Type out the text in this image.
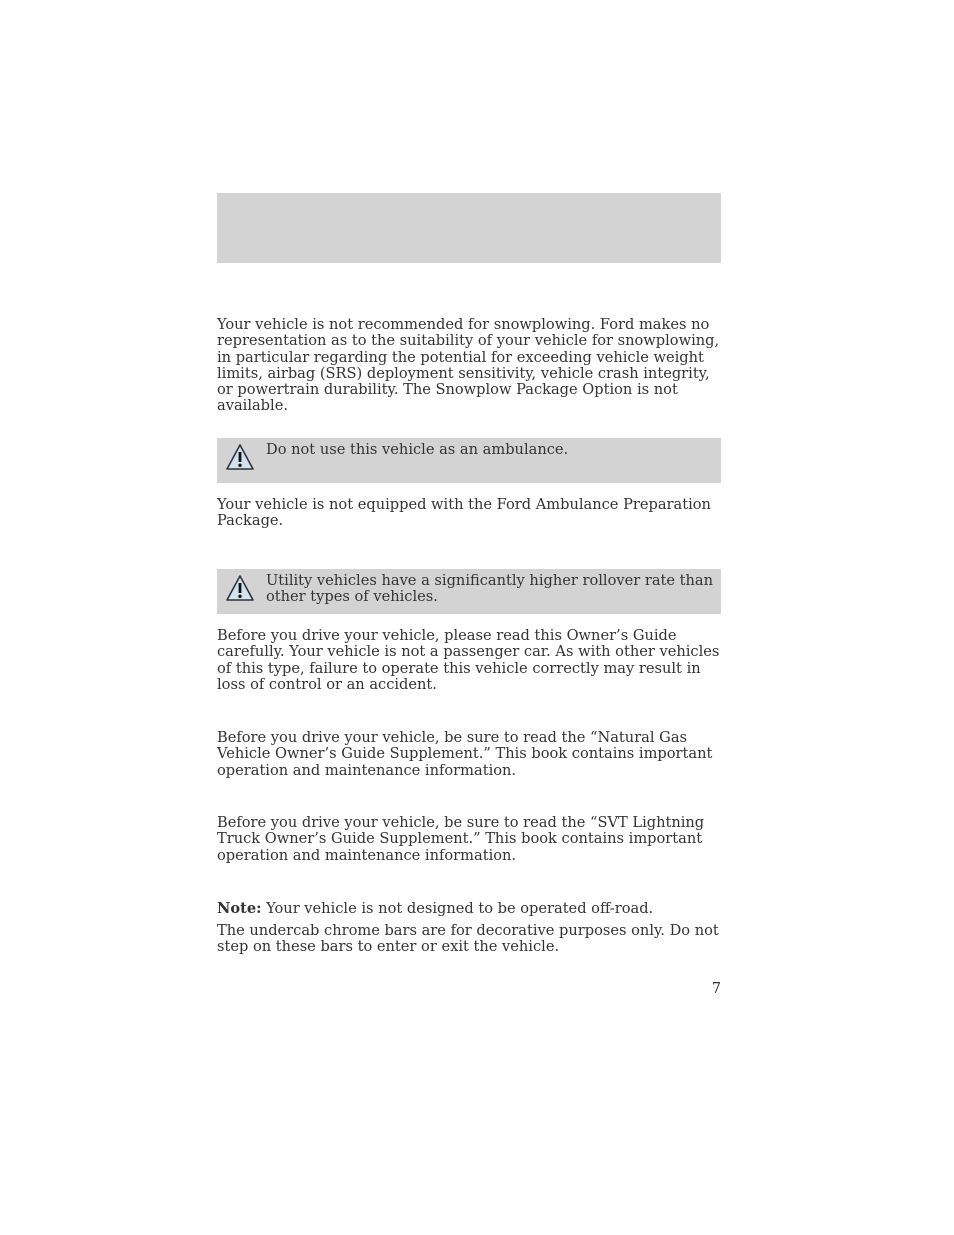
Your vehicle is not recommended for snowplowing. Ford makes no representation as to the suitability of your vehicle for snowplowing, in particular regarding the potential for exceeding vehicle weight limits, airbag (SRS) deployment sensitivity, vehicle crash integrity, or powertrain durability. The Snowplow Package Option is not available.

Do not use this vehicle as an ambulance.

Your vehicle is not equipped with the Ford Ambulance Preparation Package.

Utility vehicles have a significantly higher rollover rate than other types of vehicles.

Before you drive your vehicle, please read this Owner’s Guide carefully. Your vehicle is not a passenger car. As with other vehicles of this type, failure to operate this vehicle correctly may result in loss of control or an accident.

Before you drive your vehicle, be sure to read the “Natural Gas Vehicle Owner’s Guide Supplement.” This book contains important operation and maintenance information.

Before you drive your vehicle, be sure to read the “SVT Lightning Truck Owner’s Guide Supplement.” This book contains important operation and maintenance information.

Note: Your vehicle is not designed to be operated off-road.

The undercab chrome bars are for decorative purposes only. Do not step on these bars to enter or exit the vehicle.

7
